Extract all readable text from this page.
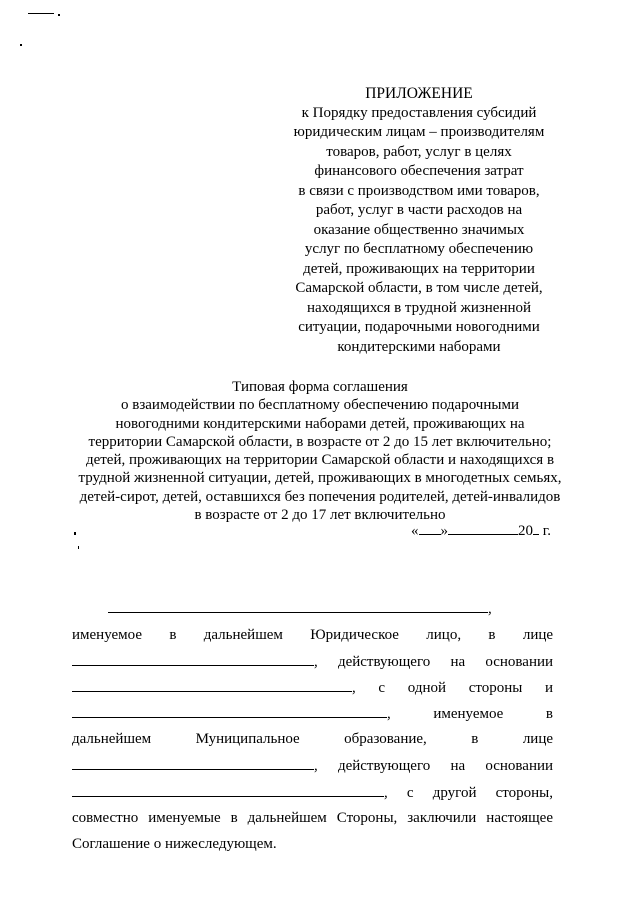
ПРИЛОЖЕНИЕ
к Порядку предоставления субсидий
юридическим лицам – производителям
товаров, работ, услуг в целях
финансового обеспечения затрат
в связи с производством ими товаров,
работ, услуг в части расходов на
оказание общественно значимых
услуг по бесплатному обеспечению
детей, проживающих на территории
Самарской области, в том числе детей,
находящихся в трудной жизненной
ситуации, подарочными новогодними
кондитерскими наборами
Типовая форма соглашения
о взаимодействии по бесплатному обеспечению подарочными
новогодними кондитерскими наборами детей, проживающих на
территории Самарской области, в возрасте от 2 до 15 лет включительно;
детей, проживающих на территории Самарской области и находящихся в
трудной жизненной ситуации, детей, проживающих в многодетных семьях,
детей-сирот, детей, оставшихся без попечения родителей, детей-инвалидов
в возрасте от 2 до 17 лет включительно
« »	20 г.
,
именуемое в дальнейшем Юридическое лицо, в лице
, действующего на основании
, с одной стороны и
,	именуемое	в
дальнейшем	Муниципальное	образование,	в	лице
, действующего на основании
, с другой стороны,
совместно именуемые в дальнейшем Стороны, заключили настоящее
Соглашение о нижеследующем.
